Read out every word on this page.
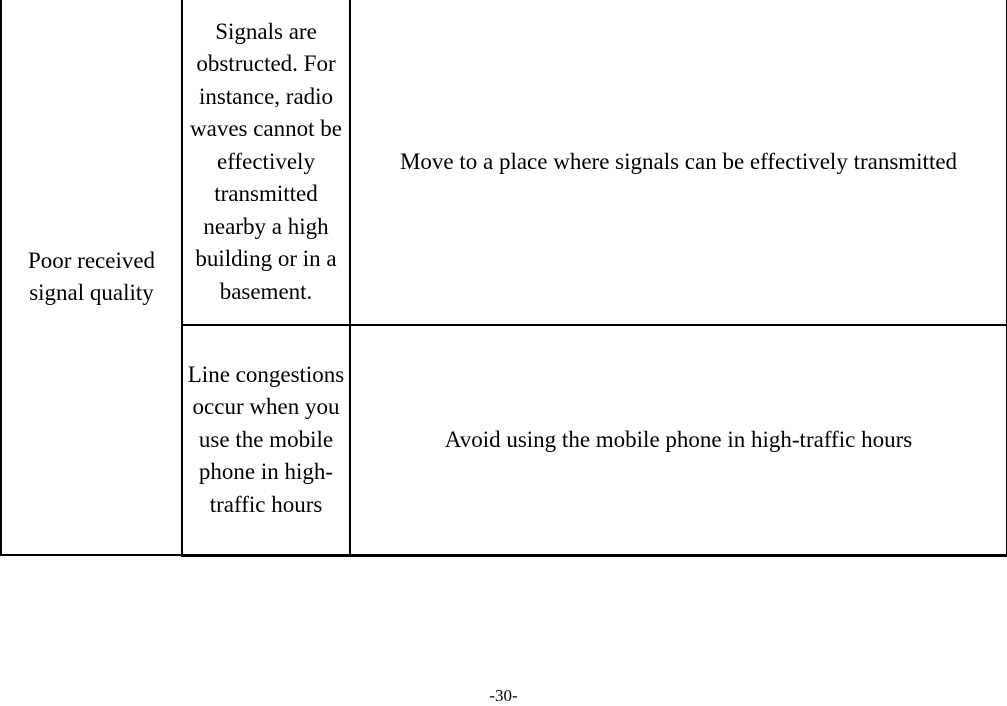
Poor received signal quality	Signals are obstructed. For instance, radio waves cannot be effectively transmitted nearby a high building or in a basement.	Move to a place where signals can be effectively transmitted
	Line congestions occur when you use the mobile phone in high-traffic hours	Avoid using the mobile phone in high-traffic hours
-30-
